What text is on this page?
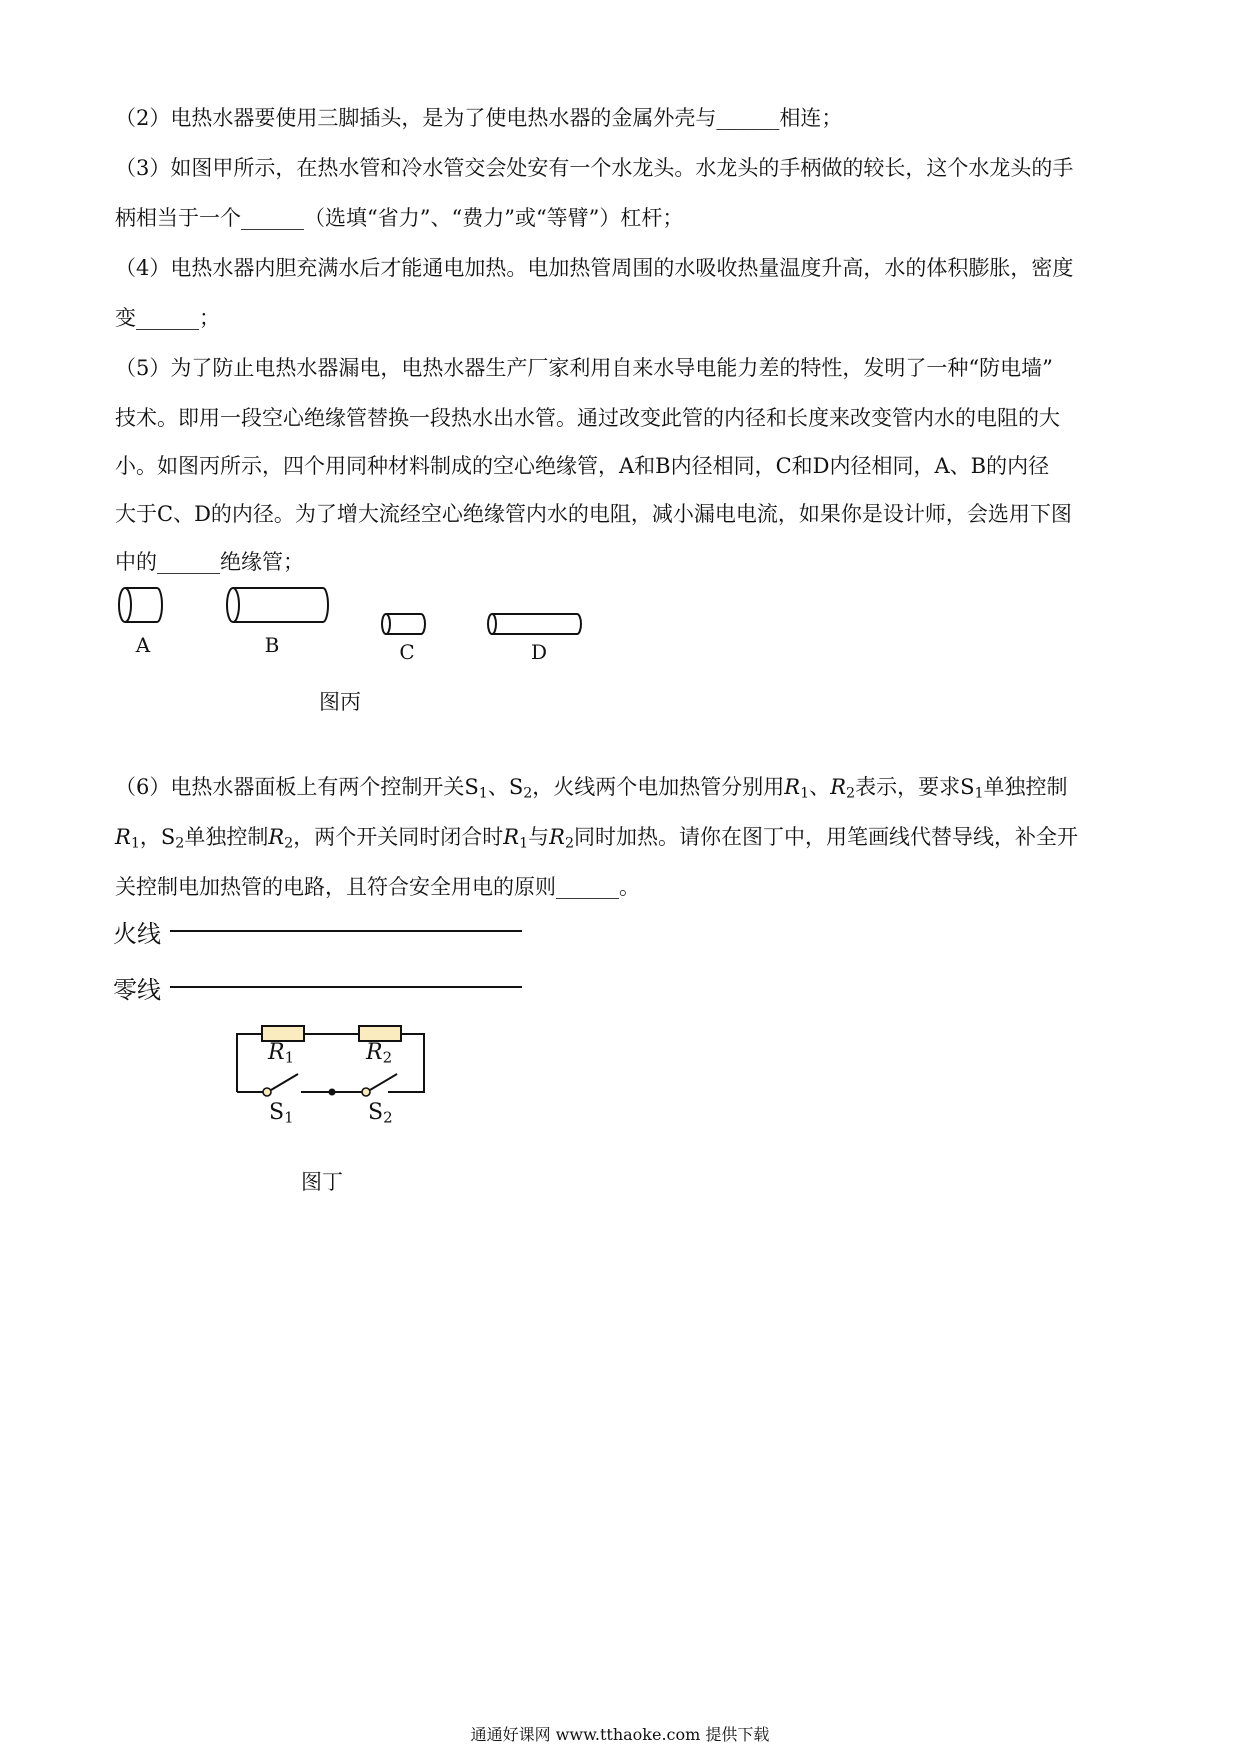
（2）电热水器要使用三脚插头，是为了使电热水器的金属外壳与______相连；
（3）如图甲所示，在热水管和冷水管交会处安有一个水龙头。水龙头的手柄做的较长，这个水龙头的手
柄相当于一个______（选填“省力”、“费力”或“等臂”）杠杆；
（4）电热水器内胆充满水后才能通电加热。电加热管周围的水吸收热量温度升高，水的体积膨胀，密度
变______；
（5）为了防止电热水器漏电，电热水器生产厂家利用自来水导电能力差的特性，发明了一种“防电墙”
技术。即用一段空心绝缘管替换一段热水出水管。通过改变此管的内径和长度来改变管内水的电阻的大
小。如图丙所示，四个用同种材料制成的空心绝缘管，A和B内径相同，C和D内径相同，A、B的内径
大于C、D的内径。为了增大流经空心绝缘管内水的电阻，减小漏电电流，如果你是设计师，会选用下图
中的______绝缘管；
A	B	C	D
图丙
（6）电热水器面板上有两个控制开关$S_1$、$S_2$，火线两个电加热管分别用$R_1$、$R_2$表示，要求$S_1$单独控制
$R_1$，$S_2$单独控制$R_2$，两个开关同时闭合时$R_1$与$R_2$同时加热。请你在图丁中，用笔画线代替导线，补全开
关控制电加热管的电路，且符合安全用电的原则______。
火线
零线
$R_1$	$R_2$
$S_1$	$S_2$
图丁
通通好课网 www.tthaoke.com 提供下载
